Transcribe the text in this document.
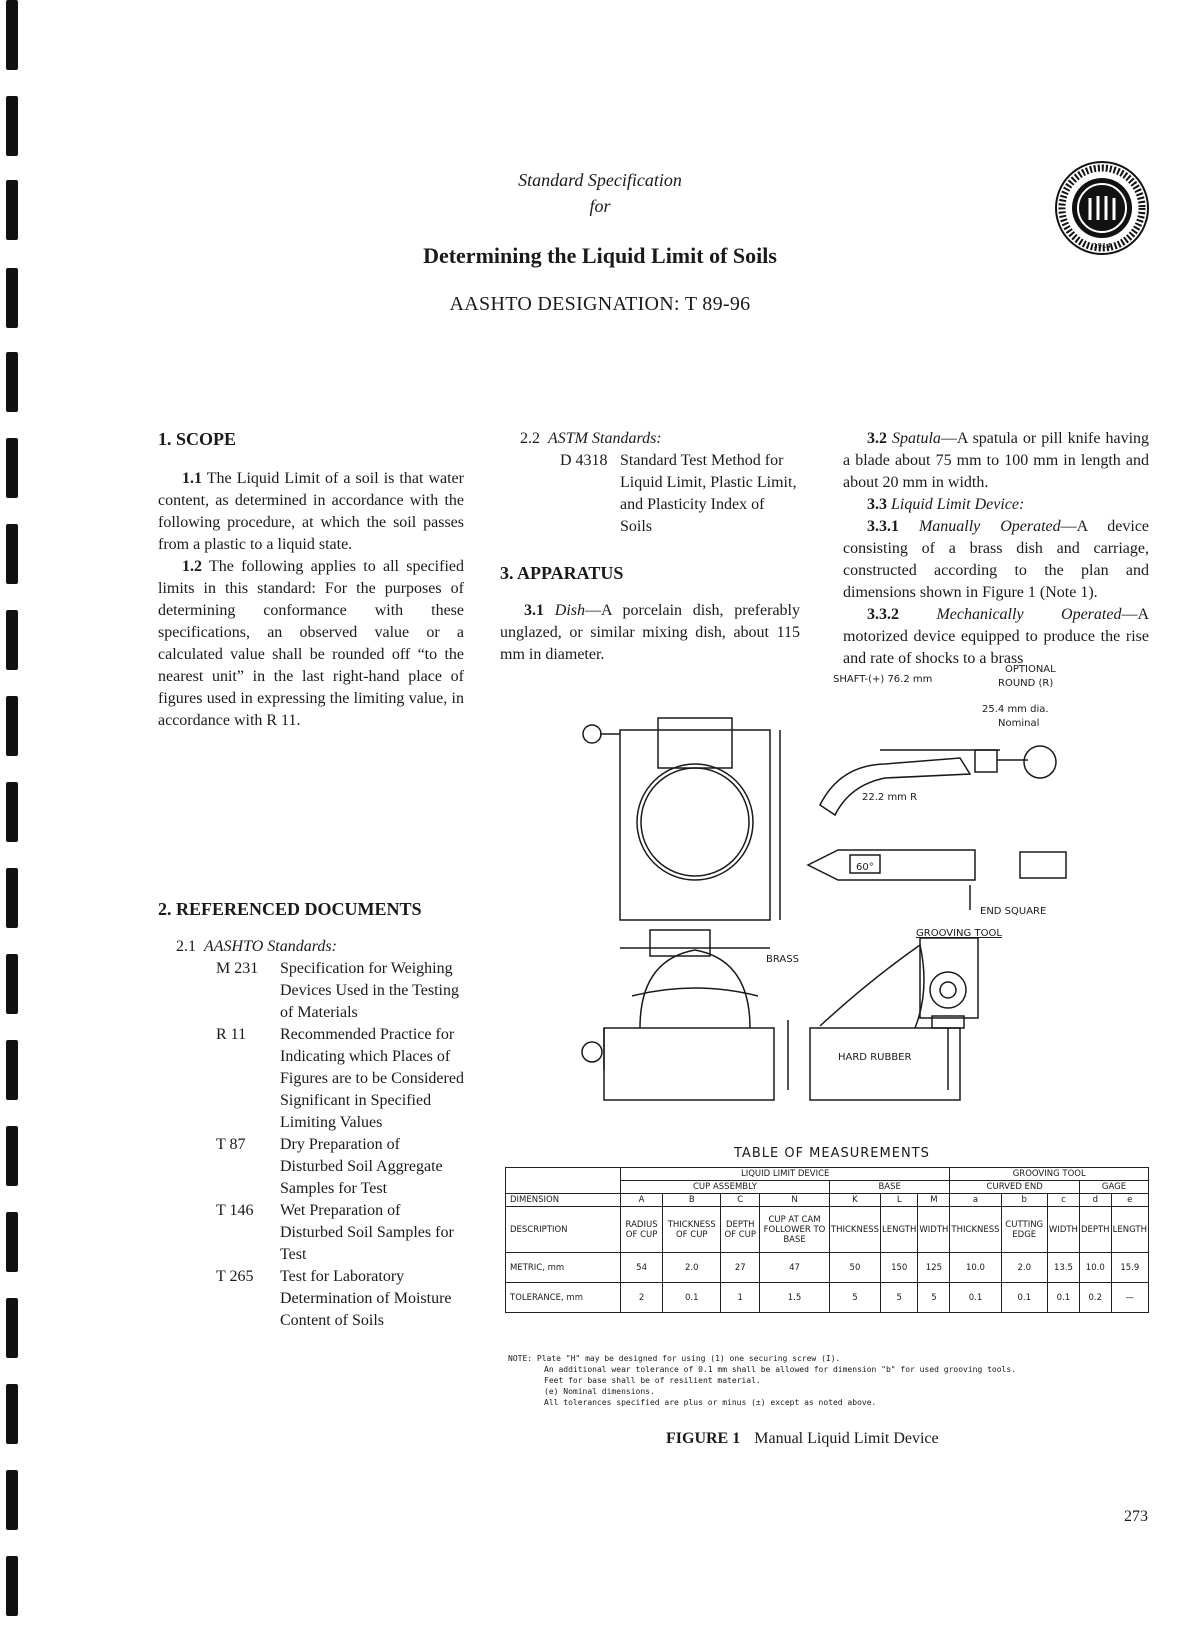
Standard Specification
for
Determining the Liquid Limit of Soils
AASHTO DESIGNATION: T 89-96
1914

1. SCOPE

1.1 The Liquid Limit of a soil is that water content, as determined in accordance with the following procedure, at which the soil passes from a plastic to a liquid state.

1.2 The following applies to all specified limits in this standard: For the purposes of determining conformance with these specifications, an observed value or a calculated value shall be rounded off “to the nearest unit” in the last right-hand place of figures used in expressing the limiting value, in accordance with R 11.

2. REFERENCED DOCUMENTS

2.1 AASHTO Standards:
M 231	Specification for Weighing Devices Used in the Testing of Materials
R 11	Recommended Practice for Indicating which Places of Figures are to be Considered Significant in Specified Limiting Values
T 87	Dry Preparation of Disturbed Soil Aggregate Samples for Test
T 146	Wet Preparation of Disturbed Soil Samples for Test
T 265	Test for Laboratory Determination of Moisture Content of Soils
2.2 ASTM Standards:
D 4318 Standard Test Method for Liquid Limit, Plastic Limit, and Plasticity Index of Soils

3. APPARATUS

3.1 Dish—A porcelain dish, preferably unglazed, or similar mixing dish, about 115 mm in diameter.

3.2 Spatula—A spatula or pill knife having a blade about 75 mm to 100 mm in length and about 20 mm in width.

3.3 Liquid Limit Device:

3.3.1 Manually Operated—A device consisting of a brass dish and carriage, constructed according to the plan and dimensions shown in Figure 1 (Note 1).

3.3.2 Mechanically Operated—A motorized device equipped to produce the rise and rate of shocks to a brass

SHAFT-(+) 76.2 mm
OPTIONAL
ROUND (R)
25.4 mm dia.
Nominal
22.2 mm R
60°
END SQUARE
GROOVING TOOL
BRASS
HARD RUBBER
TABLE OF MEASUREMENTS
	LIQUID LIMIT DEVICE							GROOVING TOOL				
	CUP ASSEMBLY				BASE			CURVED END			GAGE	
DIMENSION	A	B	C	N	K	L	M	a	b	c	d	e
DESCRIPTION	RADIUS OF CUP	THICKNESS OF CUP	DEPTH OF CUP	CUP AT CAM FOLLOWER TO BASE	THICKNESS	LENGTH	WIDTH	THICKNESS	CUTTING EDGE	WIDTH	DEPTH	LENGTH
METRIC, mm	54	2.0	27	47	50	150	125	10.0	2.0	13.5	10.0	15.9
TOLERANCE, mm	2	0.1	1	1.5	5	5	5	0.1	0.1	0.1	0.2	—
NOTE: Plate "H" may be designed for using (1) one securing screw (I).
An additional wear tolerance of 0.1 mm shall be allowed for dimension "b" for used grooving tools.
Feet for base shall be of resilient material.
(e) Nominal dimensions.
All tolerances specified are plus or minus (±) except as noted above.
FIGURE 1 Manual Liquid Limit Device
273
